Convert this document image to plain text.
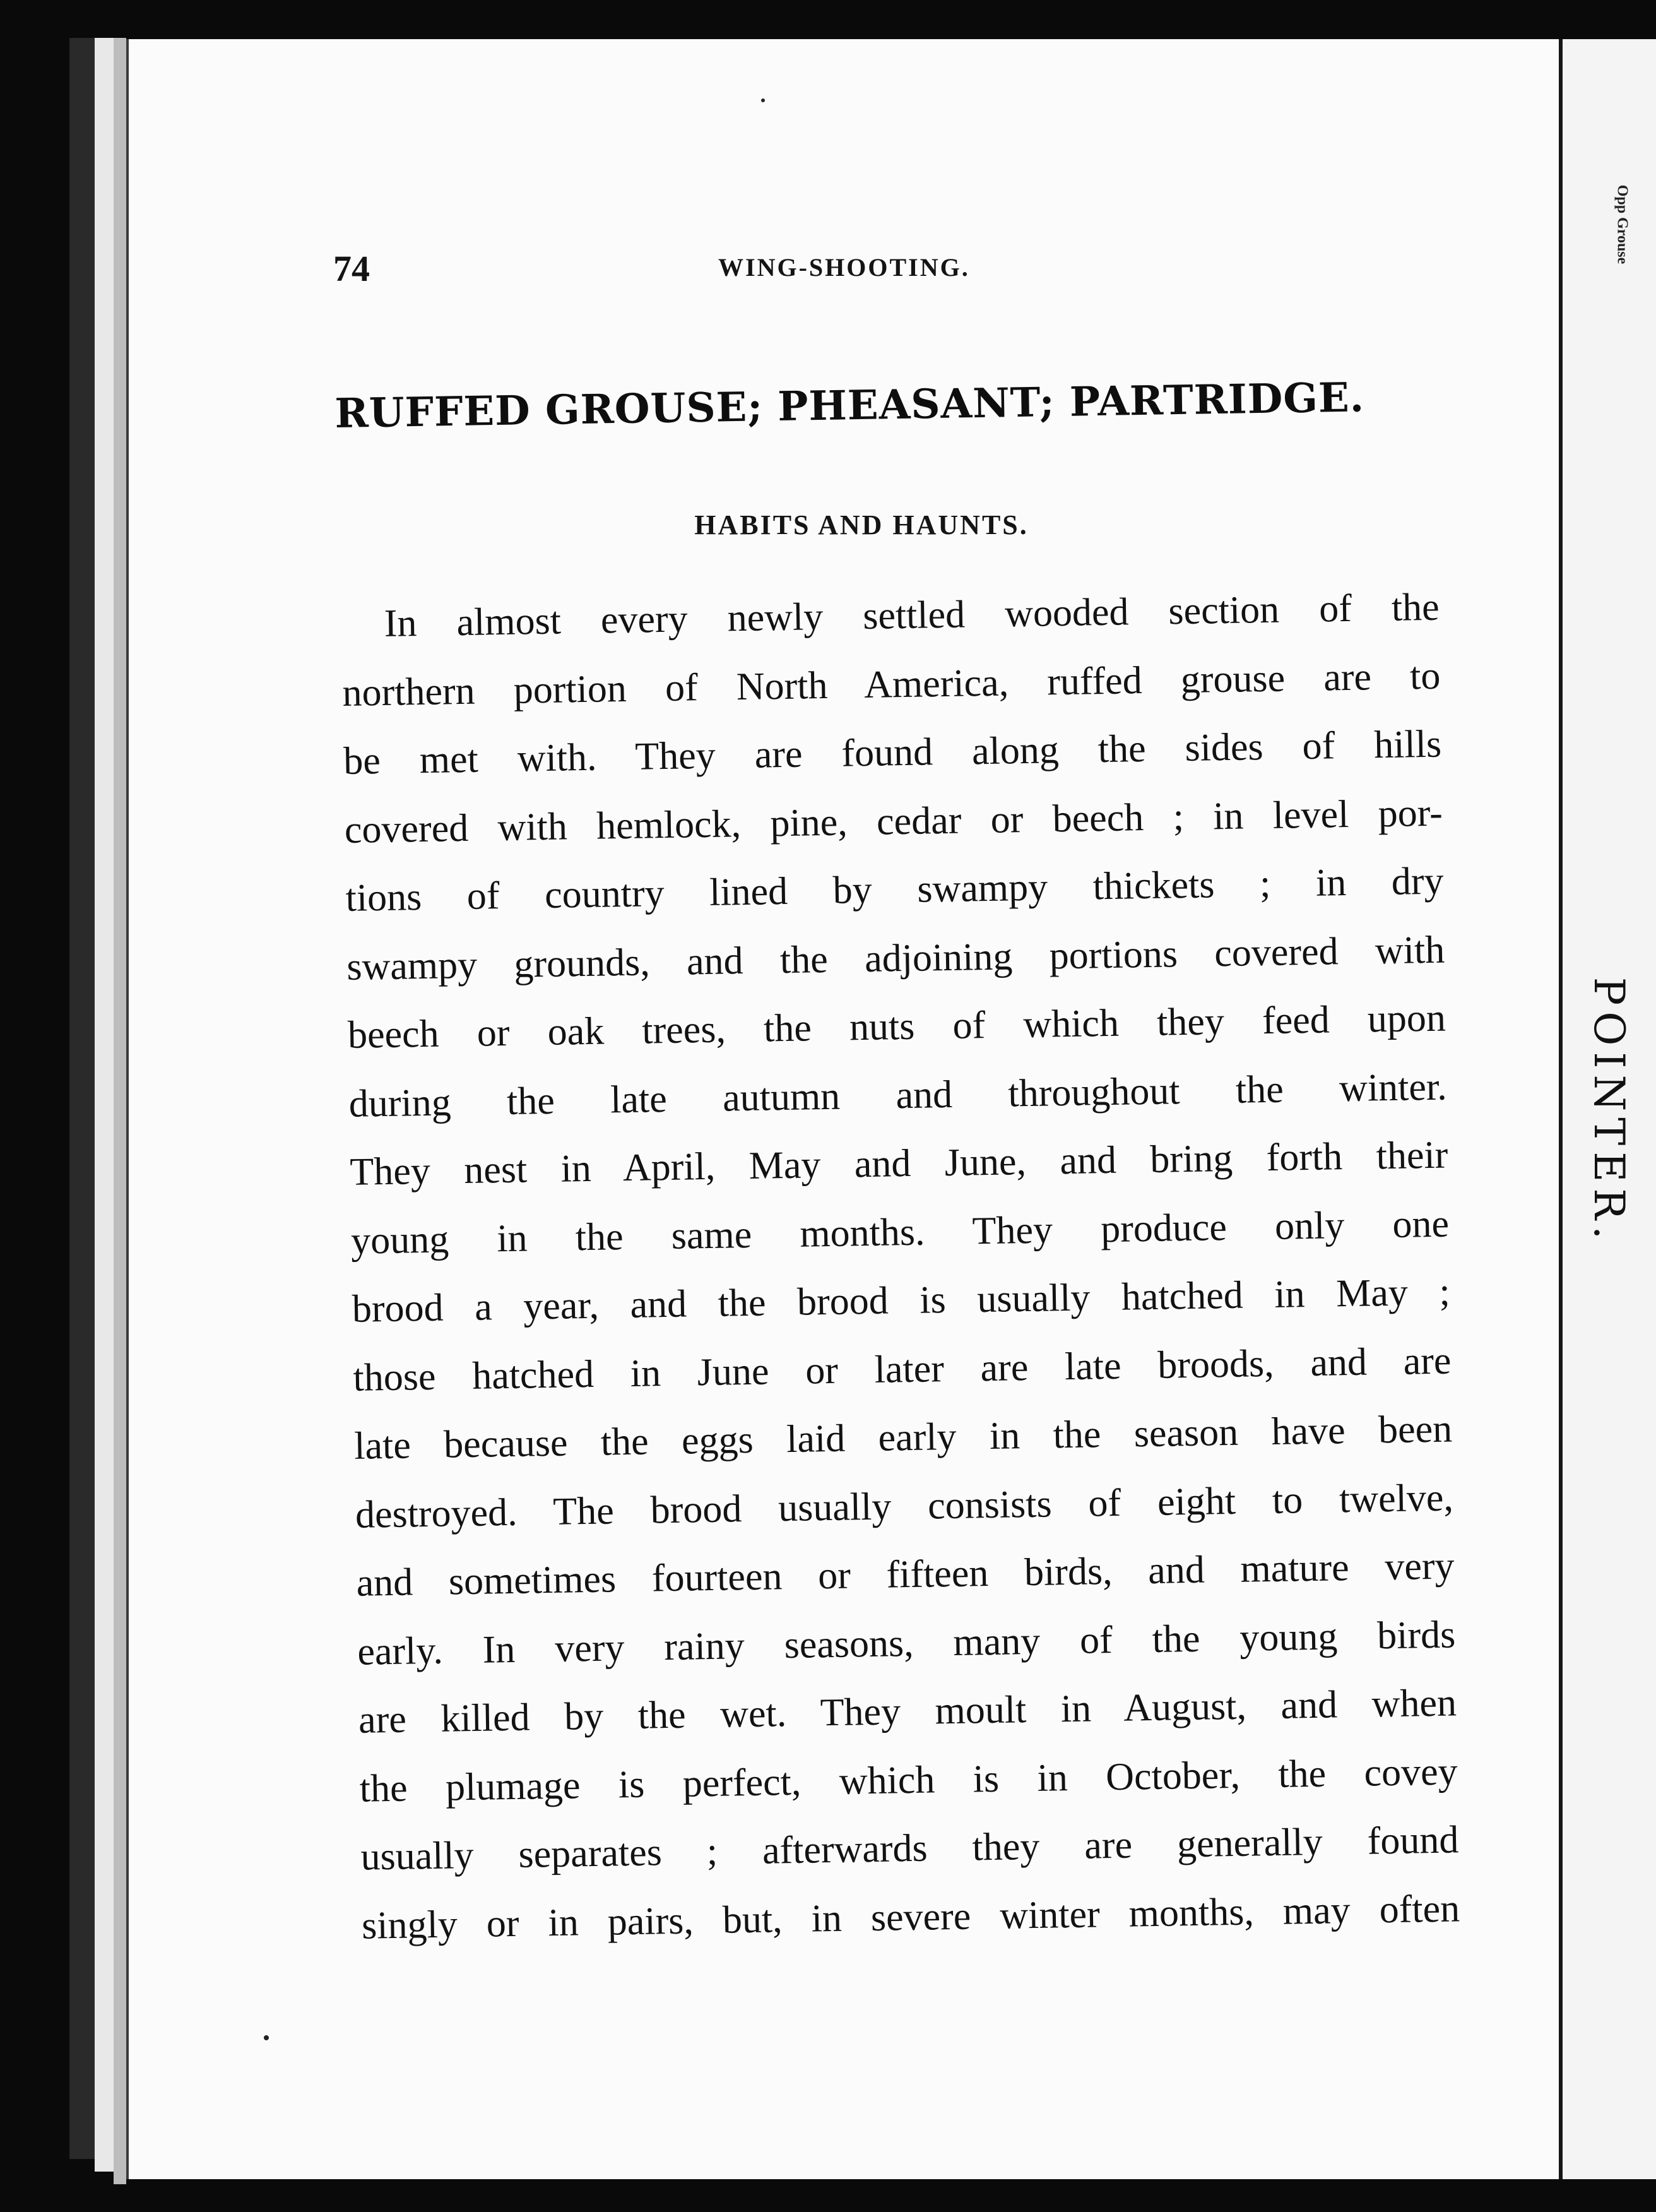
Opp Grouse
POINTER.
74	WING-SHOOTING.
RUFFED GROUSE; PHEASANT; PARTRIDGE.
HABITS AND HAUNTS.
In almost every newly settled wooded section of the
northern portion of North America, ruffed grouse are to
be met with. They are found along the sides of hills
covered with hemlock, pine, cedar or beech ; in level por-
tions of country lined by swampy thickets ; in dry
swampy grounds, and the adjoining portions covered with
beech or oak trees, the nuts of which they feed upon
during the late autumn and throughout the winter.
They nest in April, May and June, and bring forth their
young in the same months. They produce only one
brood a year, and the brood is usually hatched in May ;
those hatched in June or later are late broods, and are
late because the eggs laid early in the season have been
destroyed. The brood usually consists of eight to twelve,
and sometimes fourteen or fifteen birds, and mature very
early. In very rainy seasons, many of the young birds
are killed by the wet. They moult in August, and when
the plumage is perfect, which is in October, the covey
usually separates ; afterwards they are generally found
singly or in pairs, but, in severe winter months, may often
